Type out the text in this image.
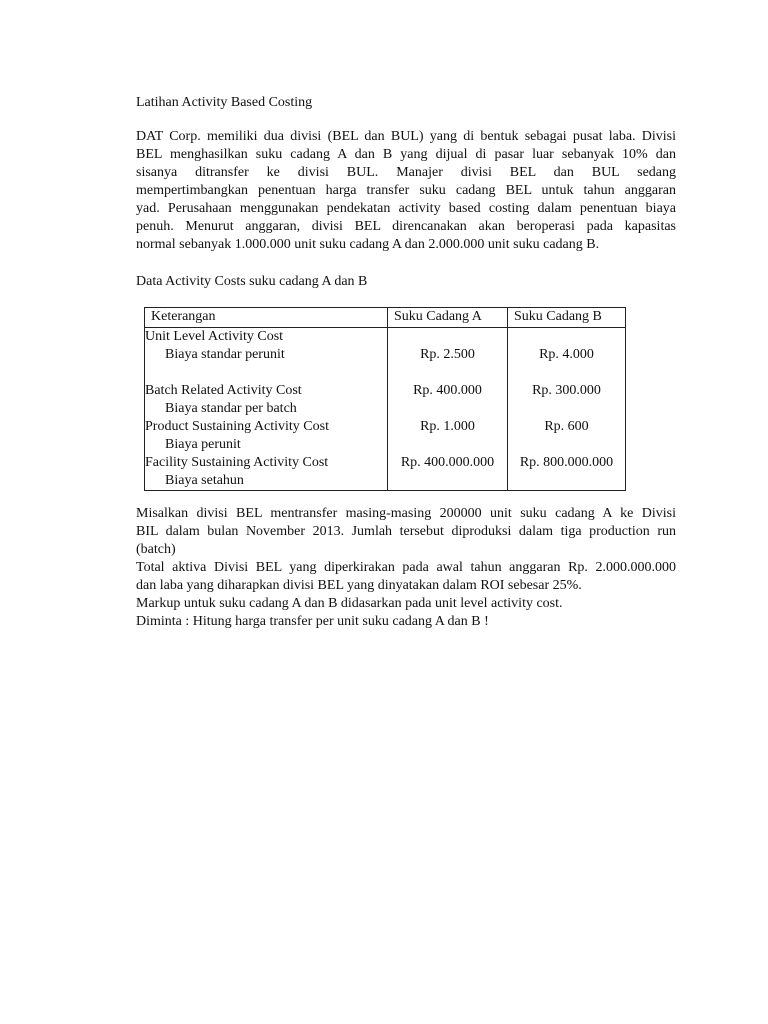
Latihan Activity Based Costing
DAT Corp. memiliki dua divisi (BEL dan BUL) yang di bentuk sebagai pusat laba. Divisi
BEL menghasilkan suku cadang A dan B yang dijual di pasar luar sebanyak 10% dan
sisanya ditransfer ke divisi BUL. Manajer divisi BEL dan BUL sedang
mempertimbangkan penentuan harga transfer suku cadang BEL untuk tahun anggaran
yad. Perusahaan menggunakan pendekatan activity based costing dalam penentuan biaya
penuh. Menurut anggaran, divisi BEL direncanakan akan beroperasi pada kapasitas
normal sebanyak 1.000.000 unit suku cadang A dan 2.000.000 unit suku cadang B.
Data Activity Costs suku cadang A dan B
Keterangan	Suku Cadang A	Suku Cadang B

Unit Level Activity Cost
Biaya standar perunit	Rp. 2.500	Rp. 4.000

Batch Related Activity Cost
Biaya standar per batch	Rp. 400.000	Rp. 300.000

Product Sustaining Activity Cost
Biaya perunit	Rp. 1.000	Rp. 600

Facility Sustaining Activity Cost
Biaya setahun	Rp. 400.000.000	Rp. 800.000.000
Misalkan divisi BEL mentransfer masing-masing 200000 unit suku cadang A ke Divisi
BIL dalam bulan November 2013. Jumlah tersebut diproduksi dalam tiga production run
(batch)
Total aktiva Divisi BEL yang diperkirakan pada awal tahun anggaran Rp. 2.000.000.000
dan laba yang diharapkan divisi BEL yang dinyatakan dalam ROI sebesar 25%.
Markup untuk suku cadang A dan B didasarkan pada unit level activity cost.
Diminta : Hitung harga transfer per unit suku cadang A dan B !
